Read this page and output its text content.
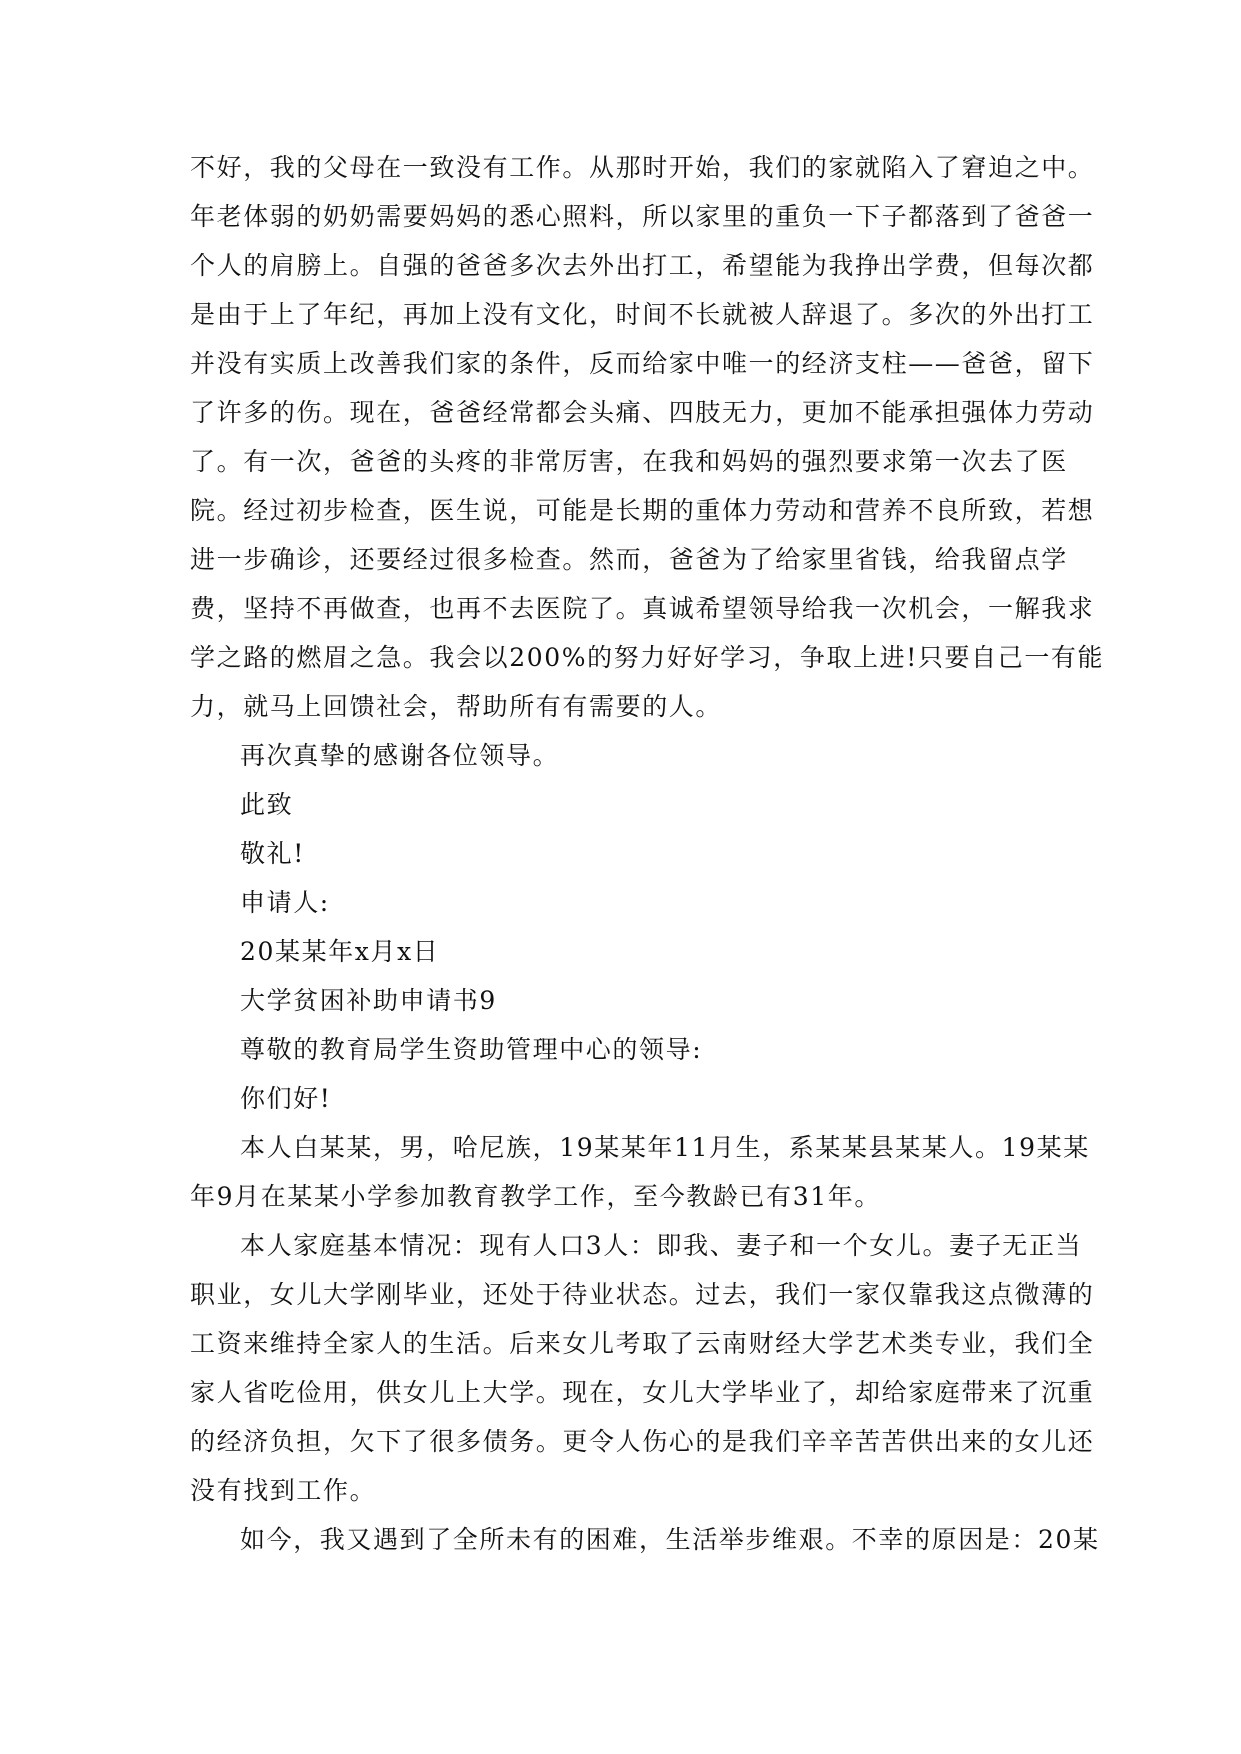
不好，我的父母在一致没有工作。从那时开始，我们的家就陷入了窘迫之中。
年老体弱的奶奶需要妈妈的悉心照料，所以家里的重负一下子都落到了爸爸一
个人的肩膀上。自强的爸爸多次去外出打工，希望能为我挣出学费，但每次都
是由于上了年纪，再加上没有文化，时间不长就被人辞退了。多次的外出打工
并没有实质上改善我们家的条件，反而给家中唯一的经济支柱——爸爸，留下
了许多的伤。现在，爸爸经常都会头痛、四肢无力，更加不能承担强体力劳动
了。有一次，爸爸的头疼的非常厉害，在我和妈妈的强烈要求第一次去了医
院。经过初步检查，医生说，可能是长期的重体力劳动和营养不良所致，若想
进一步确诊，还要经过很多检查。然而，爸爸为了给家里省钱，给我留点学
费，坚持不再做查，也再不去医院了。真诚希望领导给我一次机会，一解我求
学之路的燃眉之急。我会以200%的努力好好学习，争取上进!只要自己一有能
力，就马上回馈社会，帮助所有有需要的人。
再次真挚的感谢各位领导。
此致
敬礼!
申请人:
20某某年x月x日
大学贫困补助申请书9
尊敬的教育局学生资助管理中心的领导:
你们好!
本人白某某，男，哈尼族，19某某年11月生，系某某县某某人。19某某
年9月在某某小学参加教育教学工作，至今教龄已有31年。
本人家庭基本情况：现有人口3人：即我、妻子和一个女儿。妻子无正当
职业，女儿大学刚毕业，还处于待业状态。过去，我们一家仅靠我这点微薄的
工资来维持全家人的生活。后来女儿考取了云南财经大学艺术类专业，我们全
家人省吃俭用，供女儿上大学。现在，女儿大学毕业了，却给家庭带来了沉重
的经济负担，欠下了很多债务。更令人伤心的是我们辛辛苦苦供出来的女儿还
没有找到工作。
如今，我又遇到了全所未有的困难，生活举步维艰。不幸的原因是：20某
